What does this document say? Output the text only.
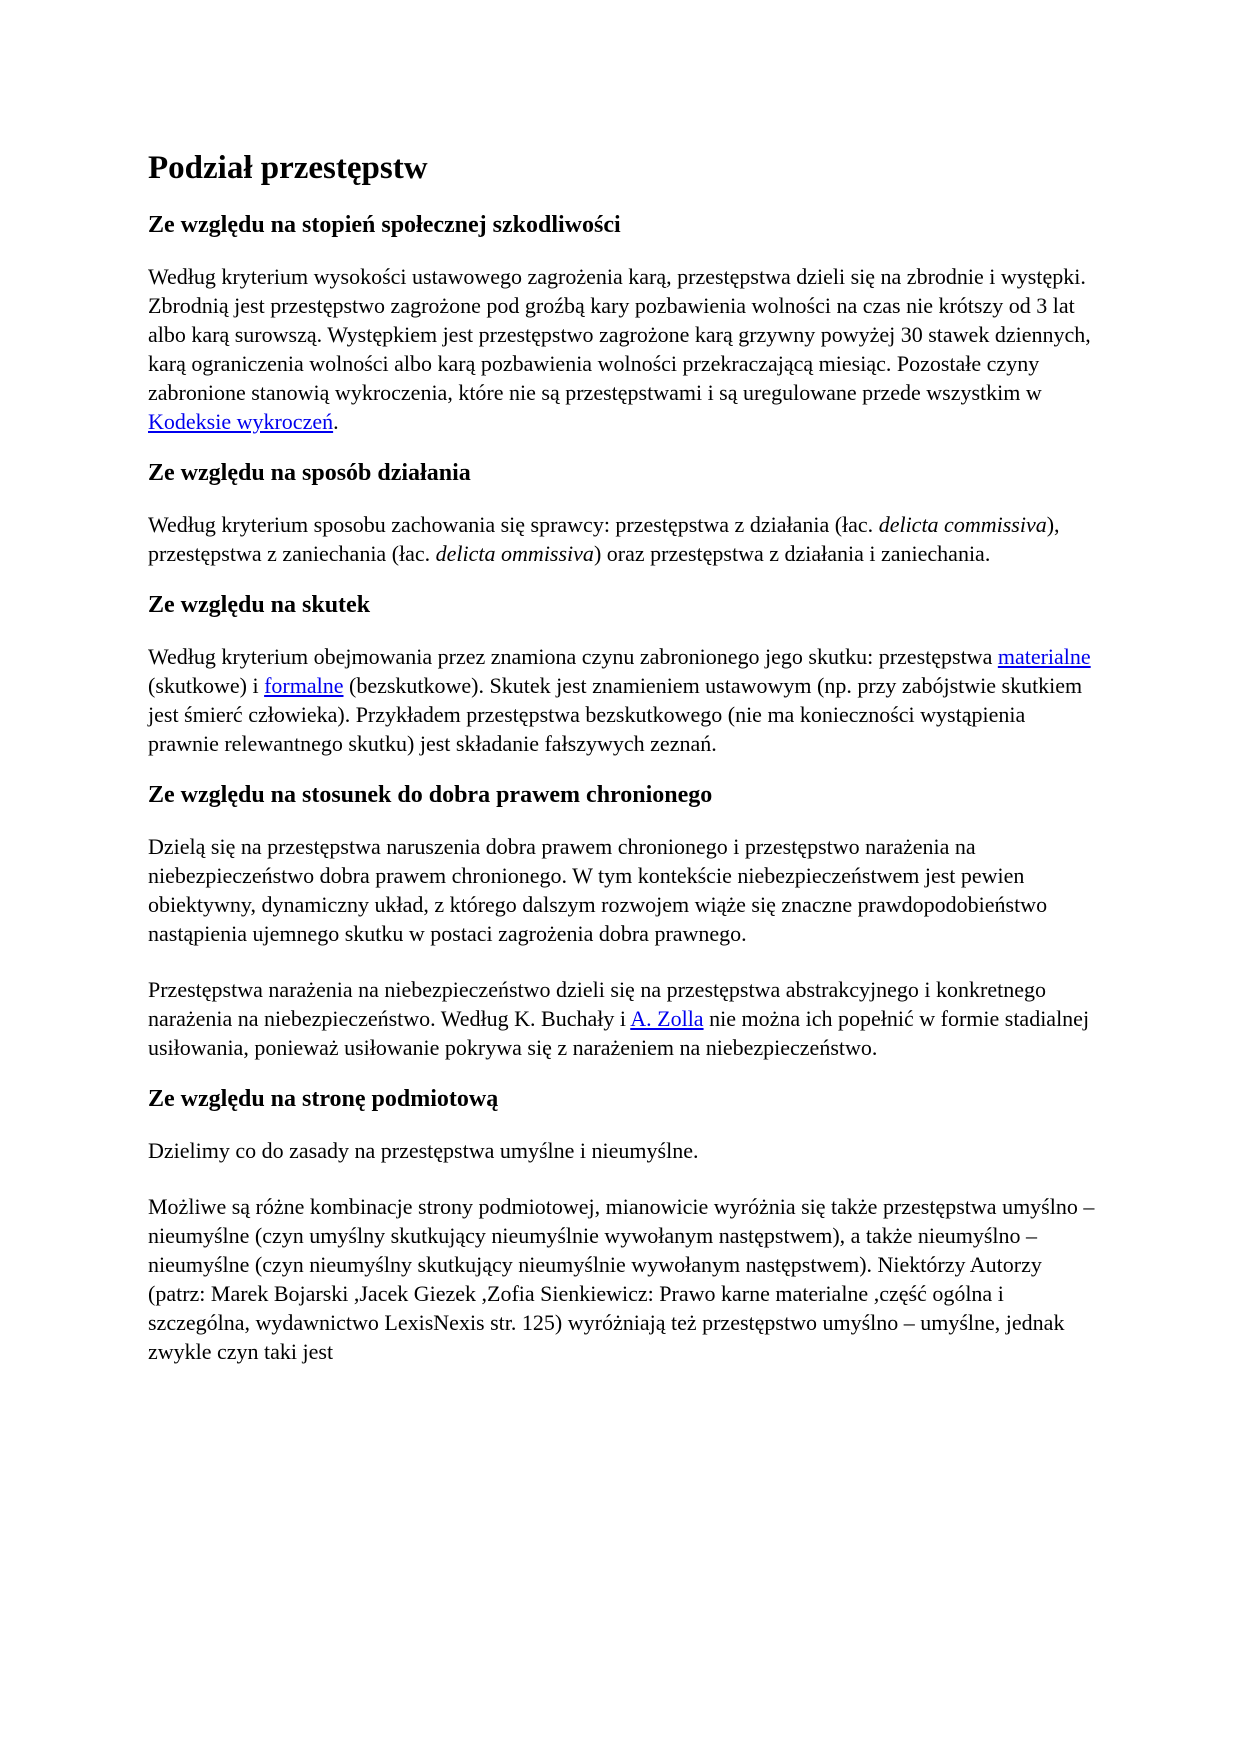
Podział przestępstw
Ze względu na stopień społecznej szkodliwości

Według kryterium wysokości ustawowego zagrożenia karą, przestępstwa dzieli się na zbrodnie i występki. Zbrodnią jest przestępstwo zagrożone pod groźbą kary pozbawienia wolności na czas nie krótszy od 3 lat albo karą surowszą. Występkiem jest przestępstwo zagrożone karą grzywny powyżej 30 stawek dziennych, karą ograniczenia wolności albo karą pozbawienia wolności przekraczającą miesiąc. Pozostałe czyny zabronione stanowią wykroczenia, które nie są przestępstwami i są uregulowane przede wszystkim w Kodeksie wykroczeń.

Ze względu na sposób działania

Według kryterium sposobu zachowania się sprawcy: przestępstwa z działania (łac. delicta commissiva), przestępstwa z zaniechania (łac. delicta ommissiva) oraz przestępstwa z działania i zaniechania.

Ze względu na skutek

Według kryterium obejmowania przez znamiona czynu zabronionego jego skutku: przestępstwa materialne (skutkowe) i formalne (bezskutkowe). Skutek jest znamieniem ustawowym (np. przy zabójstwie skutkiem jest śmierć człowieka). Przykładem przestępstwa bezskutkowego (nie ma konieczności wystąpienia prawnie relewantnego skutku) jest składanie fałszywych zeznań.

Ze względu na stosunek do dobra prawem chronionego

Dzielą się na przestępstwa naruszenia dobra prawem chronionego i przestępstwo narażenia na niebezpieczeństwo dobra prawem chronionego. W tym kontekście niebezpieczeństwem jest pewien obiektywny, dynamiczny układ, z którego dalszym rozwojem wiąże się znaczne prawdopodobieństwo nastąpienia ujemnego skutku w postaci zagrożenia dobra prawnego.

Przestępstwa narażenia na niebezpieczeństwo dzieli się na przestępstwa abstrakcyjnego i konkretnego narażenia na niebezpieczeństwo. Według K. Buchały i A. Zolla nie można ich popełnić w formie stadialnej usiłowania, ponieważ usiłowanie pokrywa się z narażeniem na niebezpieczeństwo.

Ze względu na stronę podmiotową

Dzielimy co do zasady na przestępstwa umyślne i nieumyślne.

Możliwe są różne kombinacje strony podmiotowej, mianowicie wyróżnia się także przestępstwa umyślno – nieumyślne (czyn umyślny skutkujący nieumyślnie wywołanym następstwem), a także nieumyślno – nieumyślne (czyn nieumyślny skutkujący nieumyślnie wywołanym następstwem). Niektórzy Autorzy (patrz: Marek Bojarski ,Jacek Giezek ,Zofia Sienkiewicz: Prawo karne materialne ,część ogólna i szczególna, wydawnictwo LexisNexis str. 125) wyróżniają też przestępstwo umyślno – umyślne, jednak zwykle czyn taki jest
